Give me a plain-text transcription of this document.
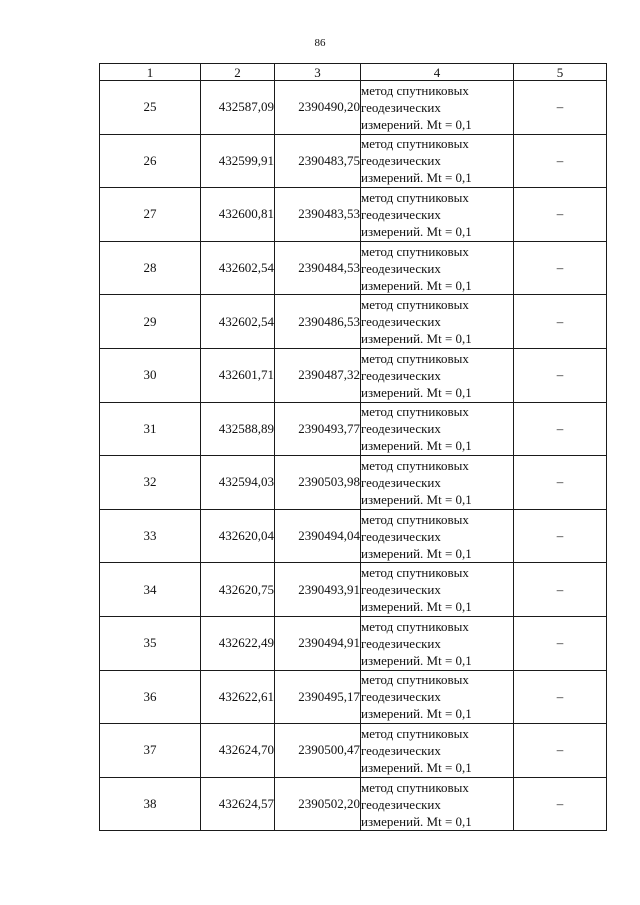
86
1	2	3	4	5
25	432587,09	2390490,20	метод спутниковых
геодезических
измерений. Mt = 0,1	–
26	432599,91	2390483,75	метод спутниковых
геодезических
измерений. Mt = 0,1	–
27	432600,81	2390483,53	метод спутниковых
геодезических
измерений. Mt = 0,1	–
28	432602,54	2390484,53	метод спутниковых
геодезических
измерений. Mt = 0,1	–
29	432602,54	2390486,53	метод спутниковых
геодезических
измерений. Mt = 0,1	–
30	432601,71	2390487,32	метод спутниковых
геодезических
измерений. Mt = 0,1	–
31	432588,89	2390493,77	метод спутниковых
геодезических
измерений. Mt = 0,1	–
32	432594,03	2390503,98	метод спутниковых
геодезических
измерений. Mt = 0,1	–
33	432620,04	2390494,04	метод спутниковых
геодезических
измерений. Mt = 0,1	–
34	432620,75	2390493,91	метод спутниковых
геодезических
измерений. Mt = 0,1	–
35	432622,49	2390494,91	метод спутниковых
геодезических
измерений. Mt = 0,1	–
36	432622,61	2390495,17	метод спутниковых
геодезических
измерений. Mt = 0,1	–
37	432624,70	2390500,47	метод спутниковых
геодезических
измерений. Mt = 0,1	–
38	432624,57	2390502,20	метод спутниковых
геодезических
измерений. Mt = 0,1	–
